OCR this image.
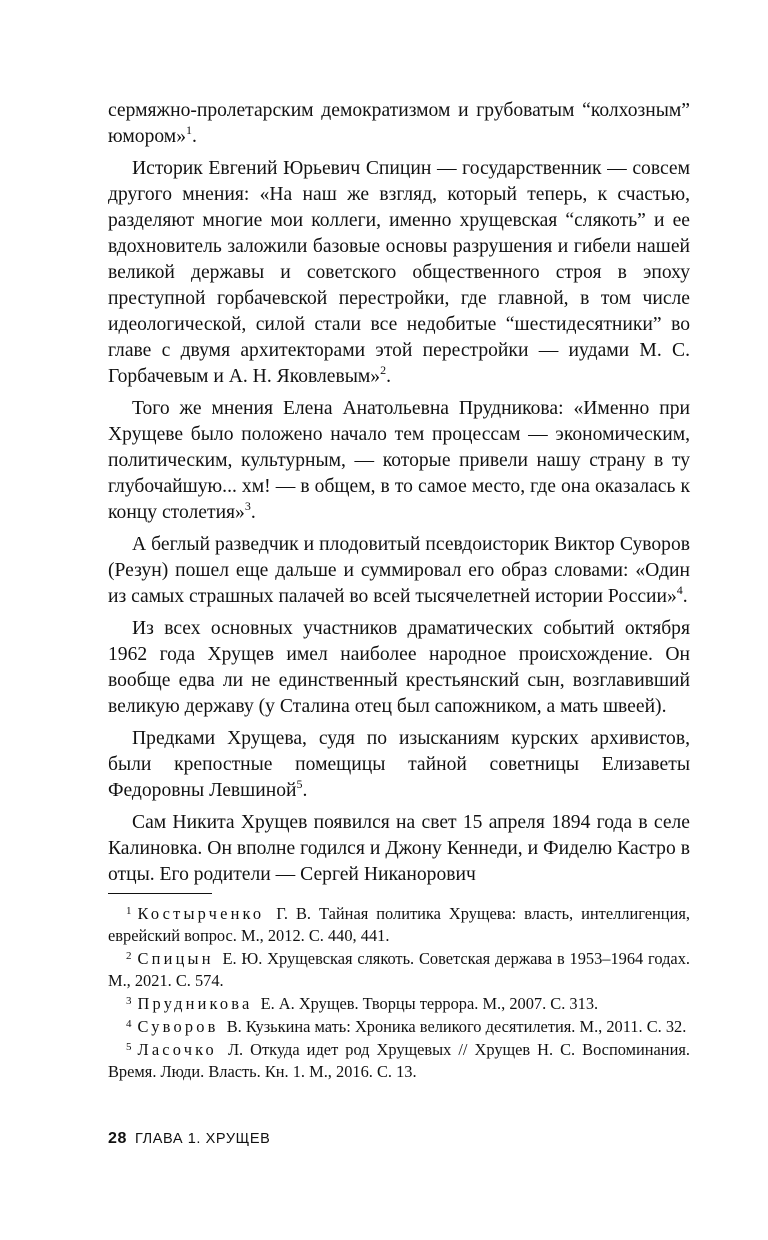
сермяжно-пролетарским демократизмом и грубоватым “колхозным” юмором»$^1$.

Историк Евгений Юрьевич Спицин — государственник — совсем другого мнения: «На наш же взгляд, который теперь, к счастью, разделяют многие мои коллеги, именно хрущевская “слякоть” и ее вдохновитель заложили базовые основы разрушения и гибели нашей великой державы и советского общественного строя в эпоху преступной горбачевской перестройки, где главной, в том числе идеологической, силой стали все недобитые “шестидесятники” во главе с двумя архитекторами этой перестройки — иудами М. С. Горбачевым и А. Н. Яковлевым»$^2$.

Того же мнения Елена Анатольевна Прудникова: «Именно при Хрущеве было положено начало тем процессам — экономическим, политическим, культурным, — которые привели нашу страну в ту глубочайшую... хм! — в общем, в то самое место, где она оказалась к концу столетия»$^3$.

А беглый разведчик и плодовитый псевдоисторик Виктор Суворов (Резун) пошел еще дальше и суммировал его образ словами: «Один из самых страшных палачей во всей тысячелетней истории России»$^4$.

Из всех основных участников драматических событий октября 1962 года Хрущев имел наиболее народное происхождение. Он вообще едва ли не единственный крестьянский сын, возглавивший великую державу (у Сталина отец был сапожником, а мать швеей).

Предками Хрущева, судя по изысканиям курских архивистов, были крепостные помещицы тайной советницы Елизаветы Федоровны Левшиной$^5$.

Сам Никита Хрущев появился на свет 15 апреля 1894 года в селе Калиновка. Он вполне годился и Джону Кеннеди, и Фиделю Кастро в отцы. Его родители — Сергей Никанорович

$^1$ Костырченко Г. В. Тайная политика Хрущева: власть, интеллигенция, еврейский вопрос. М., 2012. С. 440, 441.

$^2$ Спицын Е. Ю. Хрущевская слякоть. Советская держава в 1953–1964 годах. М., 2021. С. 574.

$^3$ Прудникова Е. А. Хрущев. Творцы террора. М., 2007. С. 313.

$^4$ Суворов В. Кузькина мать: Хроника великого десятилетия. М., 2011. С. 32.

$^5$ Ласочко Л. Откуда идет род Хрущевых // Хрущев Н. С. Воспоминания. Время. Люди. Власть. Кн. 1. М., 2016. С. 13.

28 ГЛАВА 1. ХРУЩЕВ
